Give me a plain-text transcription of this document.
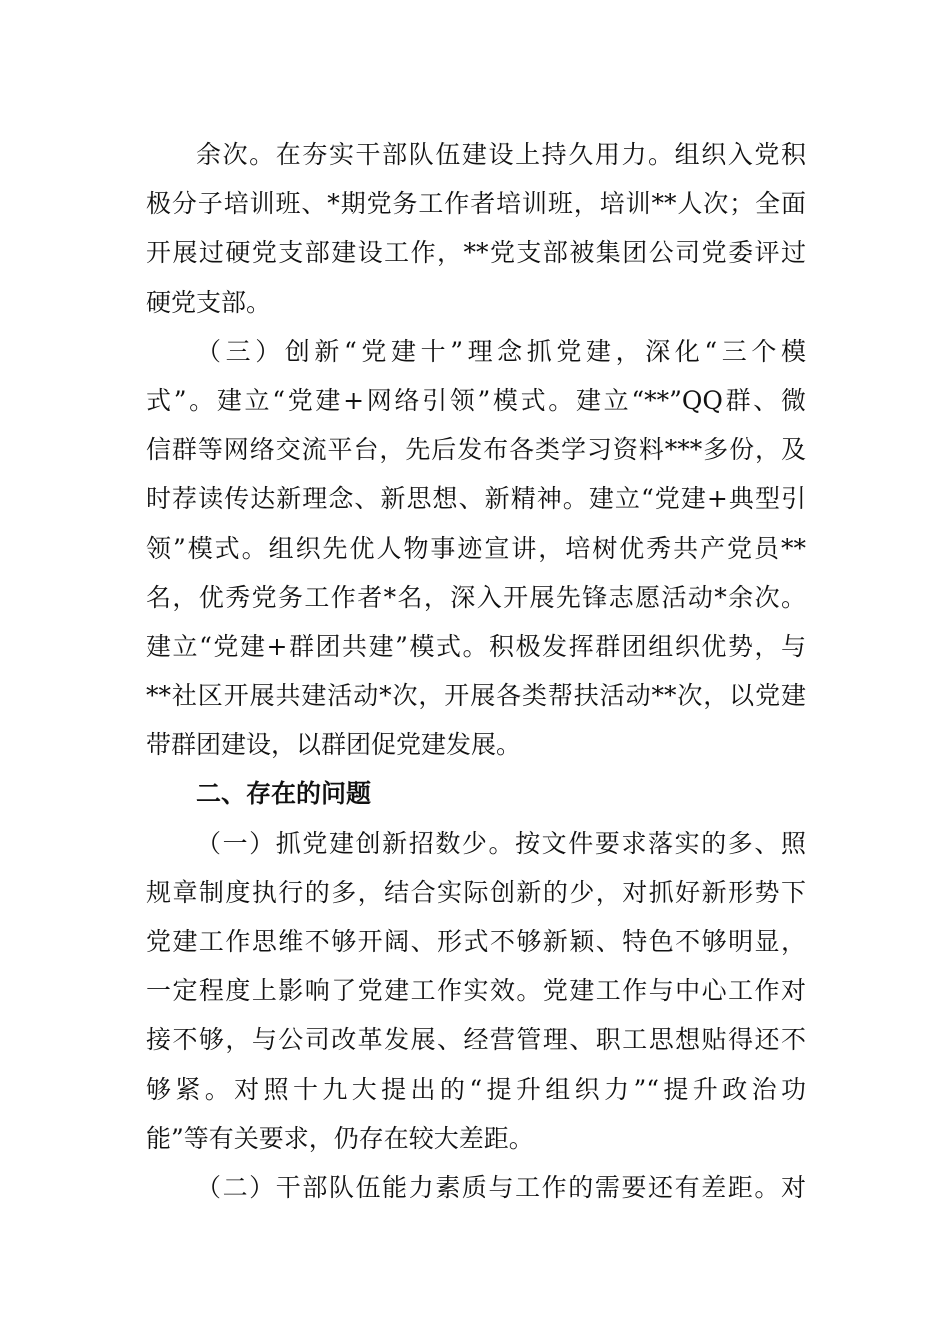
余次。在夯实干部队伍建设上持久用力。组织入党积
极分子培训班、*期党务工作者培训班，培训**人次；全面
开展过硬党支部建设工作，**党支部被集团公司党委评过
硬党支部。

（三）创新“党建十”理念抓党建，深化“三个模
式”。建立“党建+网络引领”模式。建立“**”QQ群、微
信群等网络交流平台，先后发布各类学习资料***多份，及
时荐读传达新理念、新思想、新精神。建立“党建+典型引
领”模式。组织先优人物事迹宣讲，培树优秀共产党员**
名，优秀党务工作者*名，深入开展先锋志愿活动*余次。
建立“党建+群团共建”模式。积极发挥群团组织优势，与
**社区开展共建活动*次，开展各类帮扶活动**次，以党建
带群团建设，以群团促党建发展。

二、存在的问题

（一）抓党建创新招数少。按文件要求落实的多、照
规章制度执行的多，结合实际创新的少，对抓好新形势下
党建工作思维不够开阔、形式不够新颖、特色不够明显，
一定程度上影响了党建工作实效。党建工作与中心工作对
接不够，与公司改革发展、经营管理、职工思想贴得还不
够紧。对照十九大提出的“提升组织力”“提升政治功
能”等有关要求，仍存在较大差距。

（二）干部队伍能力素质与工作的需要还有差距。对
